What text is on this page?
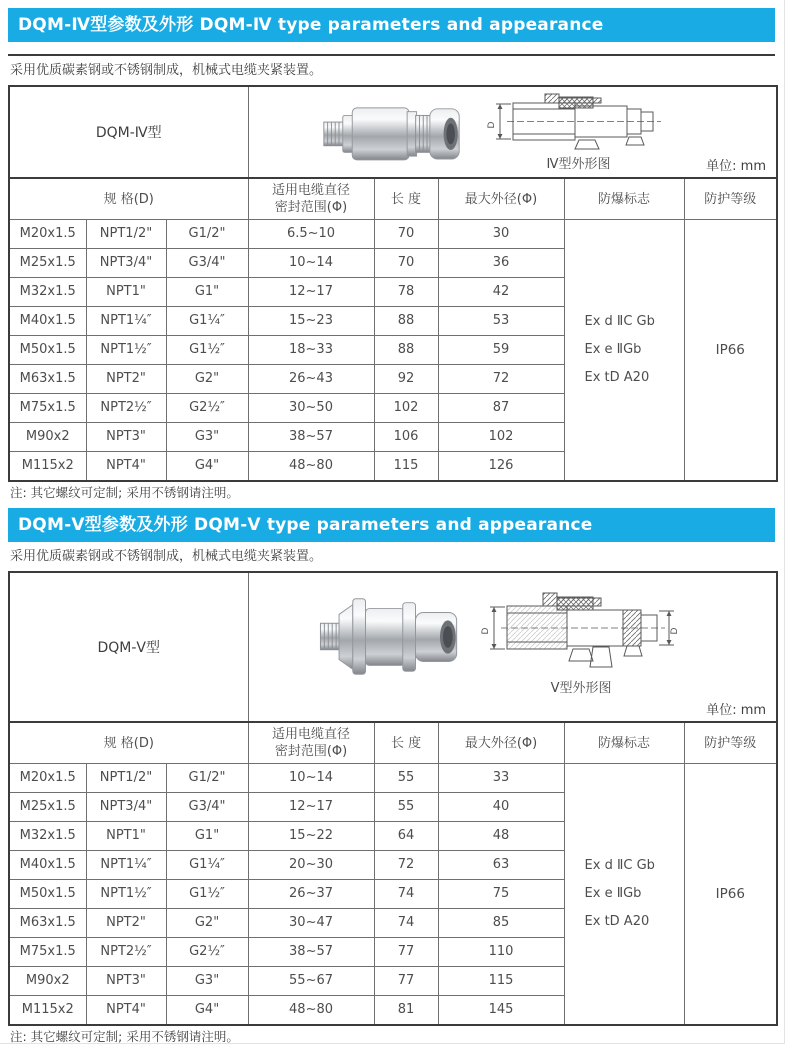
DQM-Ⅳ型参数及外形 DQM-Ⅳ type parameters and appearance

采用优质碳素钢或不锈钢制成，机械式电缆夹紧装置。

DQM-Ⅳ型			D
Ⅳ型外形图 单位: mm				

规 格(D)			适用电缆直径
密封范围(Φ)	长 度	最大外径(Φ)	防爆标志	防护等级
M20x1.5	NPT1/2"	G1/2"	6.5~10	70	30	Ex d ⅡC Gb
Ex e ⅡGb
Ex tD A20	IP66
M25x1.5	NPT3/4"	G3/4"	10~14	70	36		
M32x1.5	NPT1"	G1"	12~17	78	42		
M40x1.5	NPT1¼″	G1¼″	15~23	88	53		
M50x1.5	NPT1½″	G1½″	18~33	88	59		
M63x1.5	NPT2"	G2"	26~43	92	72		
M75x1.5	NPT2½″	G2½″	30~50	102	87		
M90x2	NPT3"	G3"	38~57	106	102		
M115x2	NPT4"	G4"	48~80	115	126		

注: 其它螺纹可定制; 采用不锈钢请注明。

DQM-Ⅴ型参数及外形 DQM-Ⅴ type parameters and appearance

采用优质碳素钢或不锈钢制成，机械式电缆夹紧装置。

DQM-Ⅴ型			D D
Ⅴ型外形图
单位: mm				

规 格(D)			适用电缆直径
密封范围(Φ)	长 度	最大外径(Φ)	防爆标志	防护等级
M20x1.5	NPT1/2"	G1/2"	10~14	55	33	Ex d ⅡC Gb
Ex e ⅡGb
Ex tD A20	IP66
M25x1.5	NPT3/4"	G3/4"	12~17	55	40		
M32x1.5	NPT1"	G1"	15~22	64	48		
M40x1.5	NPT1¼″	G1¼″	20~30	72	63		
M50x1.5	NPT1½″	G1½″	26~37	74	75		
M63x1.5	NPT2"	G2"	30~47	74	85		
M75x1.5	NPT2½″	G2½″	38~57	77	110		
M90x2	NPT3"	G3"	55~67	77	115		
M115x2	NPT4"	G4"	48~80	81	145		

注: 其它螺纹可定制; 采用不锈钢请注明。
